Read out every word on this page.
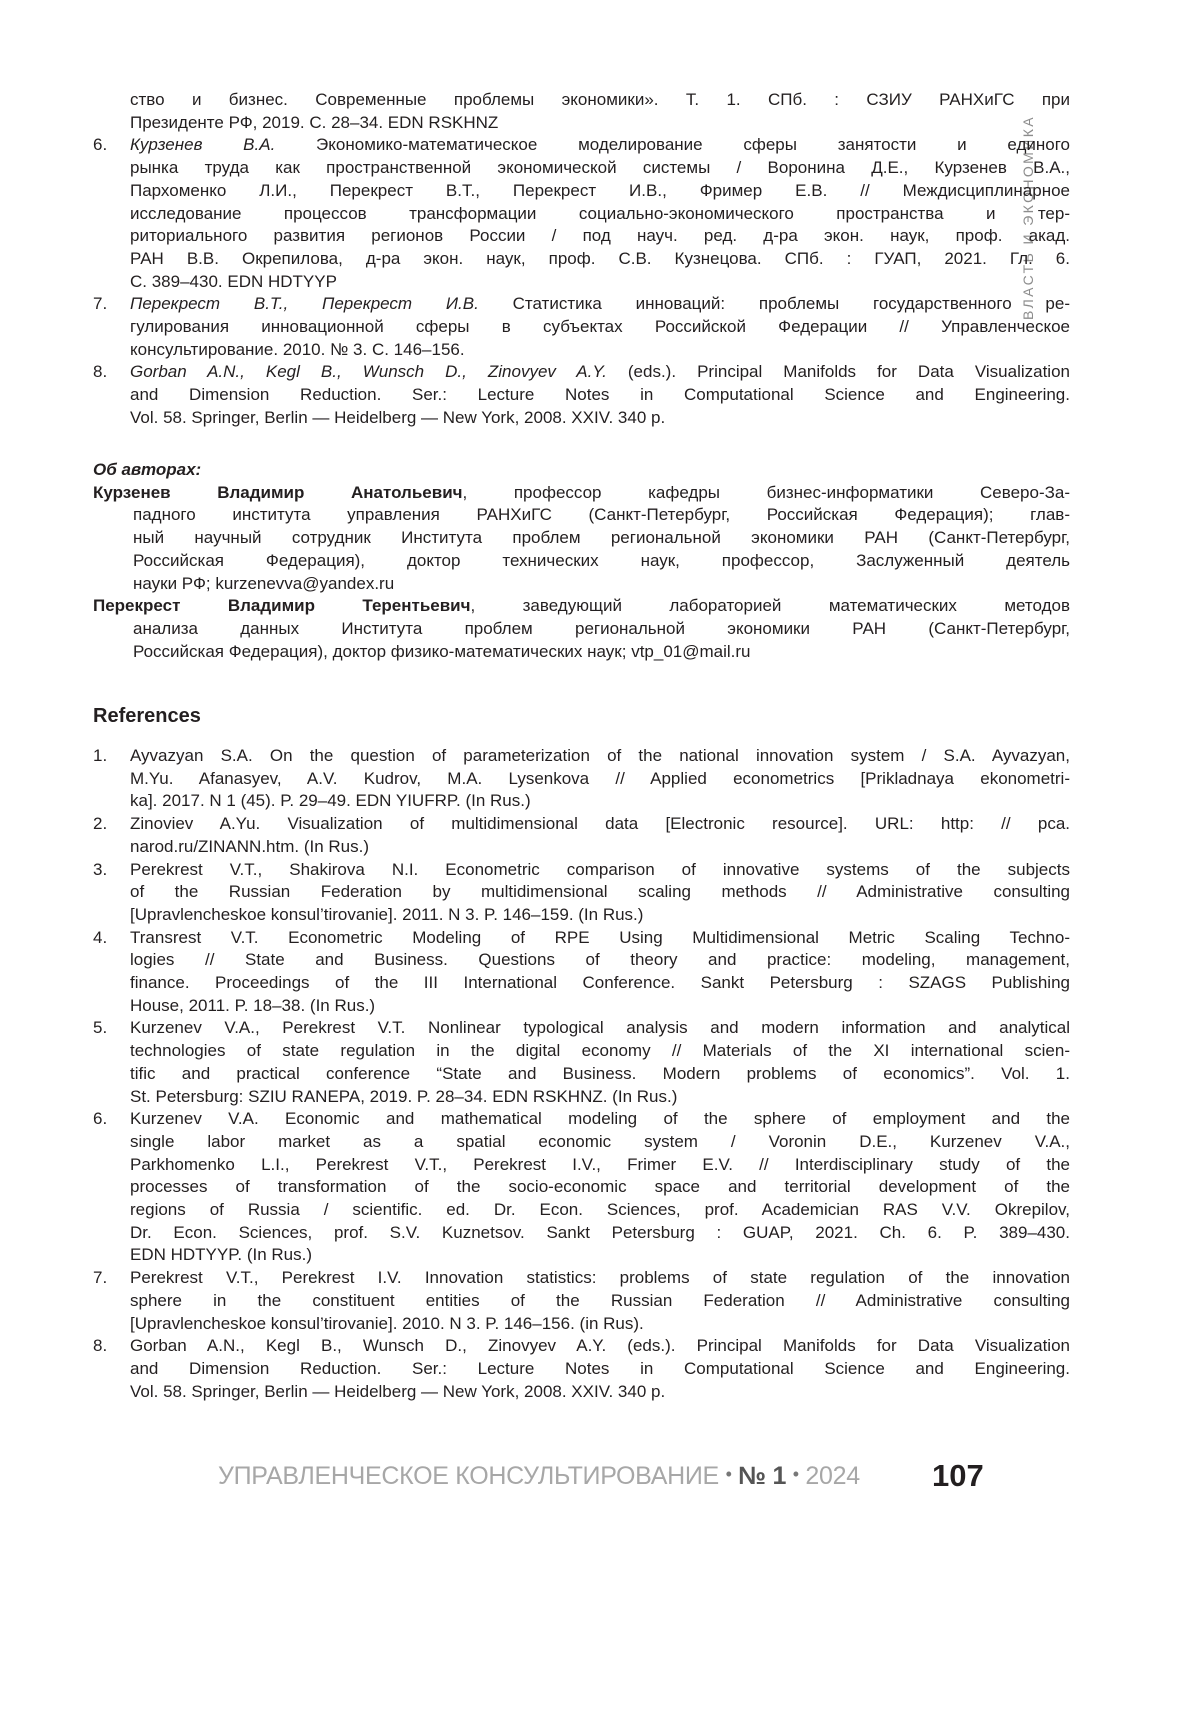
ВЛАСТЬ И ЭКОНОМИКА
ство и бизнес. Современные проблемы экономики». Т. 1. СПб. : СЗИУ РАНХиГС при
Президенте РФ, 2019. С. 28–34. EDN RSKHNZ
6. Курзенев В.А. Экономико-математическое моделирование сферы занятости и единого
рынка труда как пространственной экономической системы / Воронина Д.Е., Курзенев В.А.,
Пархоменко Л.И., Перекрест В.Т., Перекрест И.В., Фример Е.В. // Междисциплинарное
исследование процессов трансформации социально-экономического пространства и тер-
риториального развития регионов России / под науч. ред. д-ра экон. наук, проф. акад.
РАН В.В. Окрепилова, д-ра экон. наук, проф. С.В. Кузнецова. СПб. : ГУАП, 2021. Гл. 6.
С. 389–430. EDN HDTYYP
7. Перекрест В.Т., Перекрест И.В. Статистика инноваций: проблемы государственного ре-
гулирования инновационной сферы в субъектах Российской Федерации // Управленческое
консультирование. 2010. № 3. С. 146–156.
8. Gorban A.N., Kegl B., Wunsch D., Zinovyev A.Y. (eds.). Principal Manifolds for Data Visualization
and Dimension Reduction. Ser.: Lecture Notes in Computational Science and Engineering.
Vol. 58. Springer, Berlin — Heidelberg — New York, 2008. XXIV. 340 p.
Об авторах:
Курзенев Владимир Анатольевич, профессор кафедры бизнес-информатики Северо-За-
падного института управления РАНХиГС (Санкт-Петербург, Российская Федерация); глав-
ный научный сотрудник Института проблем региональной экономики РАН (Санкт-Петербург,
Российская Федерация), доктор технических наук, профессор, Заслуженный деятель
науки РФ; kurzenevva@yandex.ru
Перекрест Владимир Терентьевич, заведующий лабораторией математических методов
анализа данных Института проблем региональной экономики РАН (Санкт-Петербург,
Российская Федерация), доктор физико-математических наук; vtp_01@mail.ru
References
1. Ayvazyan S.A. On the question of parameterization of the national innovation system / S.A. Ayvazyan,
M.Yu. Afanasyev, A.V. Kudrov, M.A. Lysenkova // Applied econometrics [Prikladnaya ekonometri-
ka]. 2017. N 1 (45). P. 29–49. EDN YIUFRP. (In Rus.)
2. Zinoviev A.Yu. Visualization of multidimensional data [Electronic resource]. URL: http: // pca.
narod.ru/ZINANN.htm. (In Rus.)
3. Perekrest V.T., Shakirova N.I. Econometric comparison of innovative systems of the subjects
of the Russian Federation by multidimensional scaling methods // Administrative consulting
[Upravlencheskoe konsul’tirovanie]. 2011. N 3. P. 146–159. (In Rus.)
4. Transrest V.T. Econometric Modeling of RPE Using Multidimensional Metric Scaling Techno-
logies // State and Business. Questions of theory and practice: modeling, management,
finance. Proceedings of the III International Conference. Sankt Petersburg : SZAGS Publishing
House, 2011. P. 18–38. (In Rus.)
5. Kurzenev V.A., Perekrest V.T. Nonlinear typological analysis and modern information and analytical
technologies of state regulation in the digital economy // Materials of the XI international scien-
tific and practical conference “State and Business. Modern problems of economics”. Vol. 1.
St. Petersburg: SZIU RANEPA, 2019. P. 28–34. EDN RSKHNZ. (In Rus.)
6. Kurzenev V.A. Economic and mathematical modeling of the sphere of employment and the
single labor market as a spatial economic system / Voronin D.E., Kurzenev V.A.,
Parkhomenko L.I., Perekrest V.T., Perekrest I.V., Frimer E.V. // Interdisciplinary study of the
processes of transformation of the socio-economic space and territorial development of the
regions of Russia / scientific. ed. Dr. Econ. Sciences, prof. Academician RAS V.V. Okrepilov,
Dr. Econ. Sciences, prof. S.V. Kuznetsov. Sankt Petersburg : GUAP, 2021. Ch. 6. P. 389–430.
EDN HDTYYP. (In Rus.)
7. Perekrest V.T., Perekrest I.V. Innovation statistics: problems of state regulation of the innovation
sphere in the constituent entities of the Russian Federation // Administrative consulting
[Upravlencheskoe konsul’tirovanie]. 2010. N 3. P. 146–156. (in Rus).
8. Gorban A.N., Kegl B., Wunsch D., Zinovyev A.Y. (eds.). Principal Manifolds for Data Visualization
and Dimension Reduction. Ser.: Lecture Notes in Computational Science and Engineering.
Vol. 58. Springer, Berlin — Heidelberg — New York, 2008. XXIV. 340 p.
УПРАВЛЕНЧЕСКОЕ КОНСУЛЬТИРОВАНИЕ • № 1 • 2024 107
